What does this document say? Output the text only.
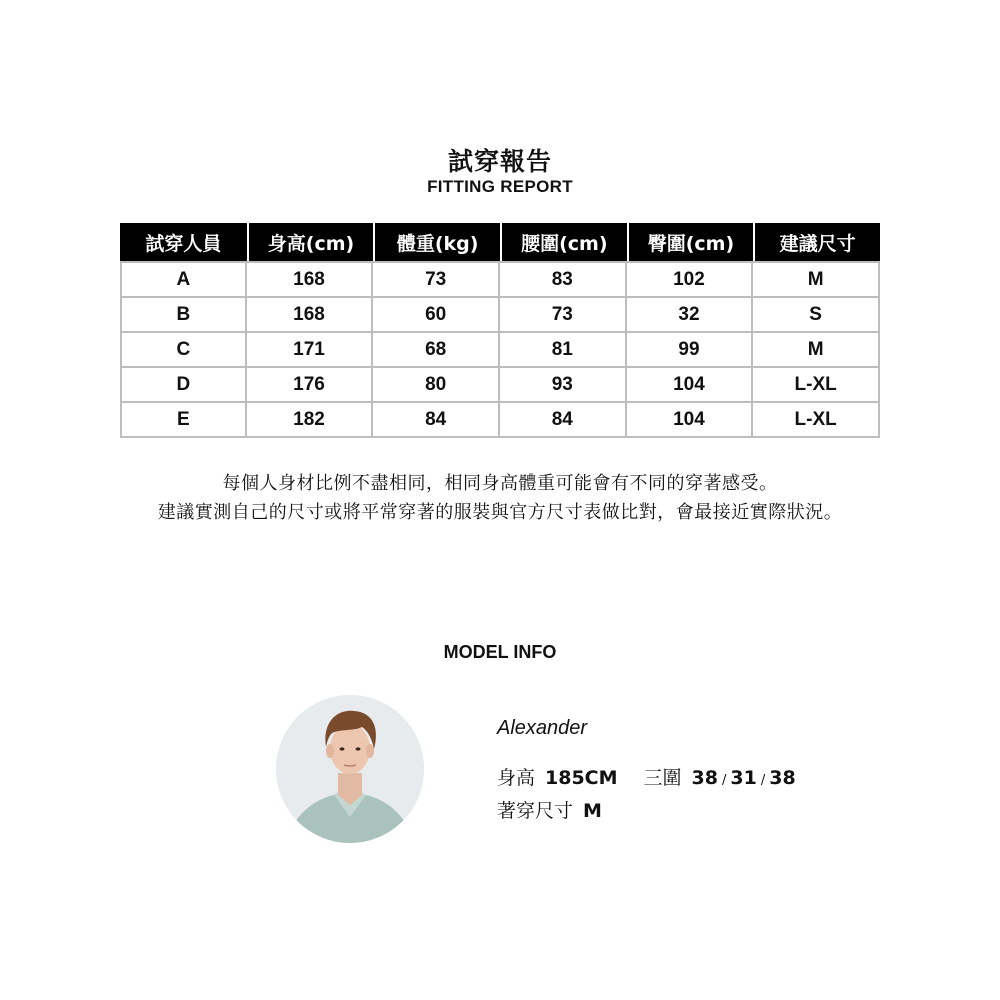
試穿報告
FITTING REPORT
試穿人員	身高(cm)	體重(kg)	腰圍(cm)	臀圍(cm)	建議尺寸
A	168	73	83	102	M
B	168	60	73	32	S
C	171	68	81	99	M
D	176	80	93	104	L-XL
E	182	84	84	104	L-XL
每個人身材比例不盡相同，相同身高體重可能會有不同的穿著感受。
建議實測自己的尺寸或將平常穿著的服裝與官方尺寸表做比對，會最接近實際狀況。
MODEL INFO
Alexander
身高 185CM 三圍 38 / 31 / 38
著穿尺寸 M
